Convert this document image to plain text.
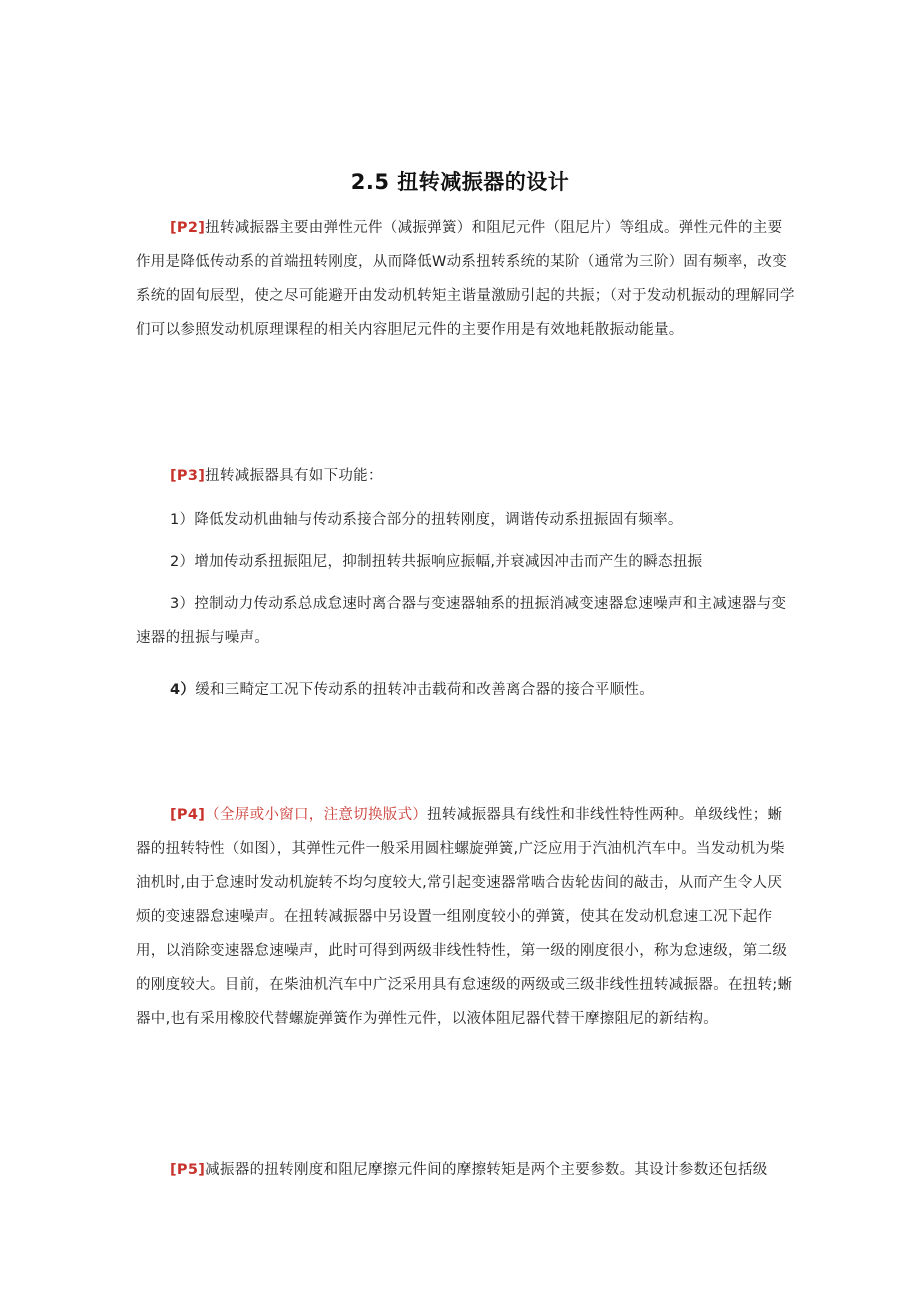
2.5 扭转减振器的设计

[P2]扭转减振器主要由弹性元件（减振弹簧）和阻尼元件（阻尼片）等组成。弹性元件的主要作用是降低传动系的首端扭转刚度，从而降低W动系扭转系统的某阶（通常为三阶）固有频率，改变系统的固旬辰型，使之尽可能避开由发动机转矩主谐量激励引起的共振；（对于发动机振动的理解同学们可以参照发动机原理课程的相关内容胆尼元件的主要作用是有效地耗散振动能量。

[P3]扭转减振器具有如下功能：

1）降低发动机曲轴与传动系接合部分的扭转刚度，调谐传动系扭振固有频率。

2）增加传动系扭振阻尼，抑制扭转共振响应振幅,并衰减因冲击而产生的瞬态扭振

3）控制动力传动系总成怠速时离合器与变速器轴系的扭振消减变速器怠速噪声和主减速器与变速器的扭振与噪声。

4）缓和三畸定工况下传动系的扭转冲击载荷和改善离合器的接合平顺性。

[P4]（全屏或小窗口，注意切换版式）扭转减振器具有线性和非线性特性两种。单级线性；蜥器的扭转特性（如图），其弹性元件一般采用圆柱螺旋弹簧,广泛应用于汽油机汽车中。当发动机为柴油机时,由于怠速时发动机旋转不均匀度较大,常引起变速器常啮合齿轮齿间的敲击，从而产生令人厌烦的变速器怠速噪声。在扭转减振器中另设置一组刚度较小的弹簧，使其在发动机怠速工况下起作用，以消除变速器怠速噪声，此时可得到两级非线性特性，第一级的刚度很小，称为怠速级，第二级的刚度较大。目前，在柴油机汽车中广泛采用具有怠速级的两级或三级非线性扭转减振器。在扭转;蜥器中,也有采用橡胶代替螺旋弹簧作为弹性元件，以液体阻尼器代替干摩擦阻尼的新结构。

[P5]减振器的扭转刚度和阻尼摩擦元件间的摩擦转矩是两个主要参数。其设计参数还包括级
